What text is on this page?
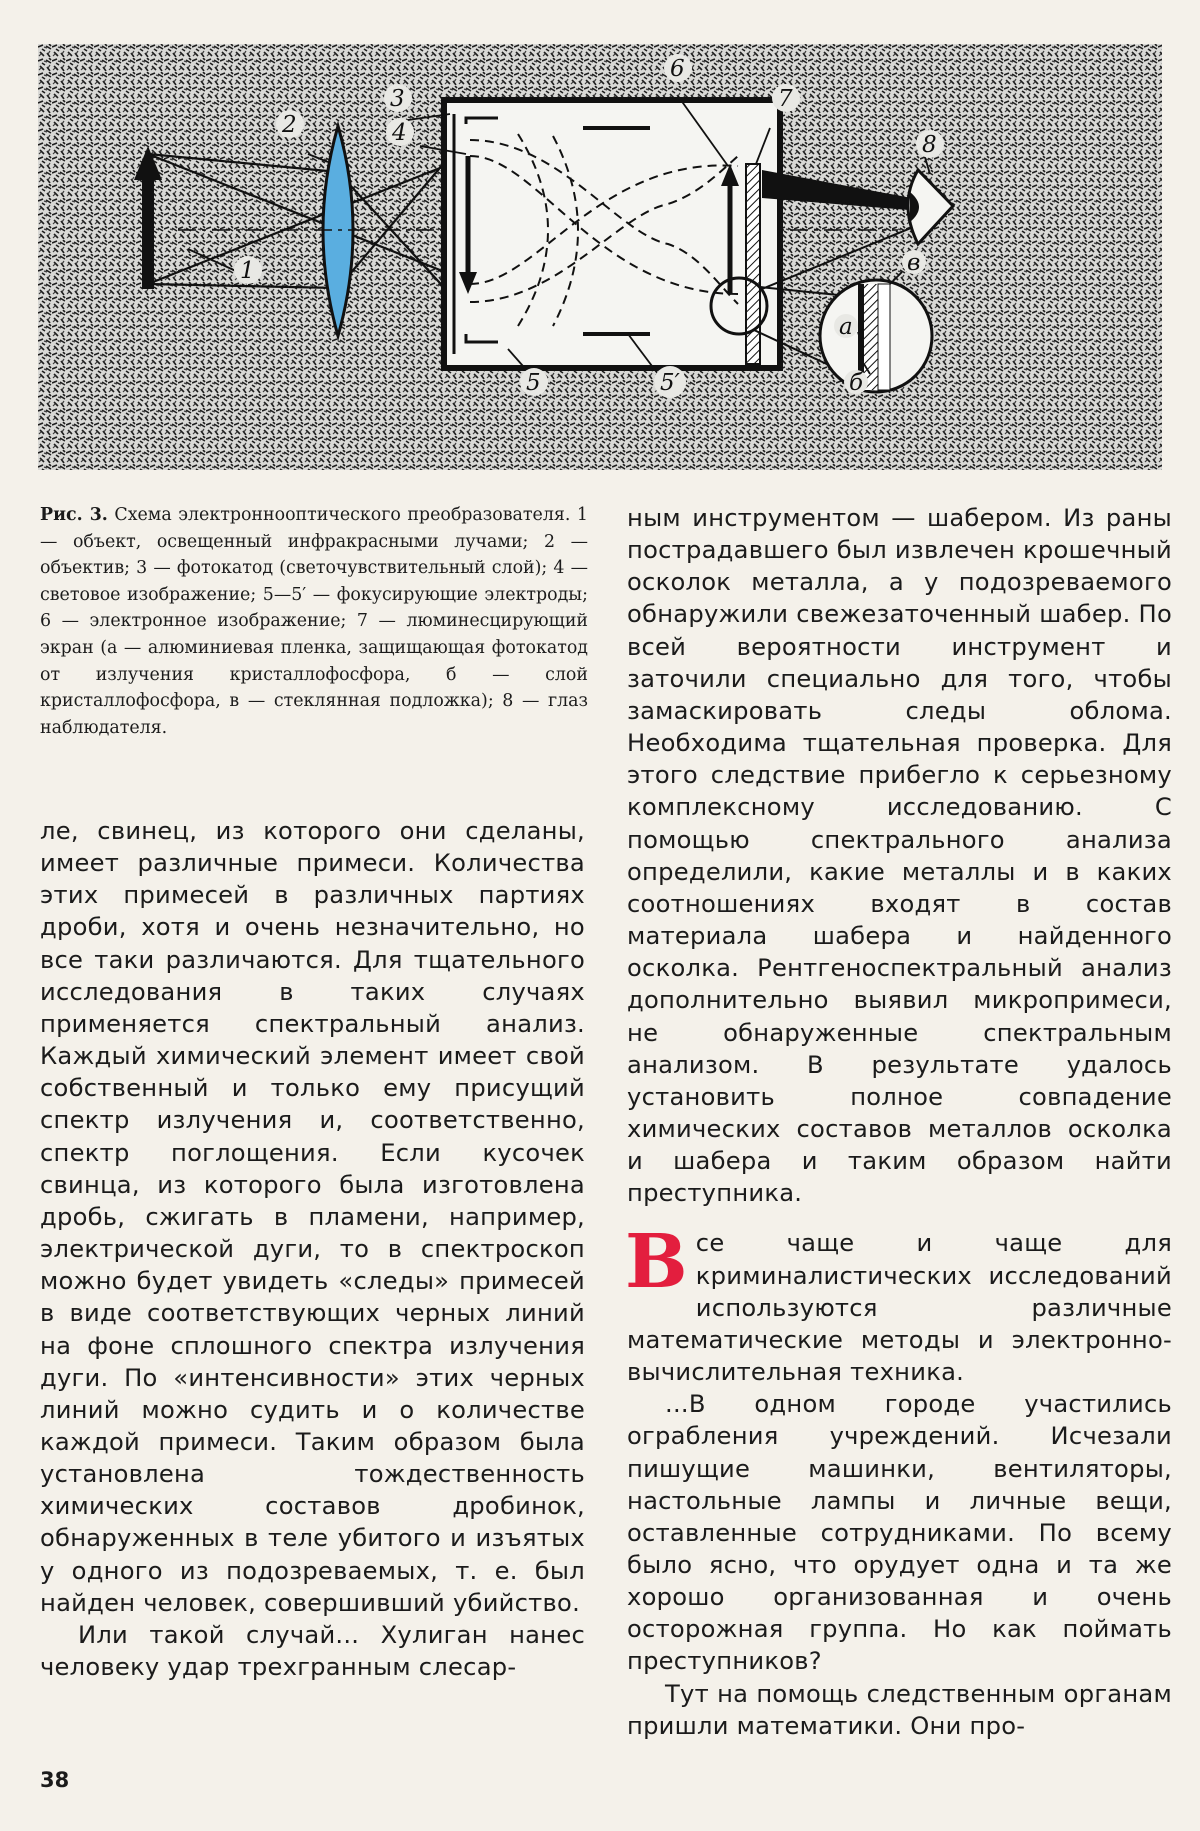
1
2
3
4
5	5′
6
7
8
а
б
в

Рис. 3. Схема электроннооптического преобразователя. 1 — объект, освещенный инфракрасными лучами; 2 — объектив; 3 — фотокатод (светочувствительный слой); 4 — световое изображение; 5—5′ — фокусирующие электроды; 6 — электронное изображение; 7 — люминесцирующий экран (а — алюминиевая пленка, защищающая фотокатод от излучения кристаллофосфора, б — слой кристаллофосфора, в — стеклянная подложка); 8 — глаз наблюдателя.

ле, свинец, из которого они сделаны, имеет различные примеси. Количества этих примесей в различных партиях дроби, хотя и очень незначительно, но все таки различаются. Для тщательного исследования в таких случаях применяется спектральный анализ. Каждый химический элемент имеет свой собственный и только ему присущий спектр излучения и, соответственно, спектр поглощения. Если кусочек свинца, из которого была изготовлена дробь, сжигать в пламени, например, электрической дуги, то в спектроскоп можно будет увидеть «следы» примесей в виде соответствующих черных линий на фоне сплошного спектра излучения дуги. По «интенсивности» этих черных линий можно судить и о количестве каждой примеси. Таким образом была установлена тождественность химических составов дробинок, обнаруженных в теле убитого и изъятых у одного из подозреваемых, т. е. был найден человек, совершивший убийство.

Или такой случай... Хулиган нанес человеку удар трехгранным слесар-

ным инструментом — шабером. Из раны пострадавшего был извлечен крошечный осколок металла, а у подозреваемого обнаружили свежезаточенный шабер. По всей вероятности инструмент и заточили специально для того, чтобы замаскировать следы облома. Необходима тщательная проверка. Для этого следствие прибегло к серьезному комплексному исследованию. С помощью спектрального анализа определили, какие металлы и в каких соотношениях входят в состав материала шабера и найденного осколка. Рентгеноспектральный анализ дополнительно выявил микропримеси, не обнаруженные спектральным анализом. В результате удалось установить полное совпадение химических составов металлов осколка и шабера и таким образом найти преступника.

Все чаще и чаще для криминалистических исследований используются различные математические методы и электронно-вычислительная техника.

...В одном городе участились ограбления учреждений. Исчезали пишущие машинки, вентиляторы, настольные лампы и личные вещи, оставленные сотрудниками. По всему было ясно, что орудует одна и та же хорошо организованная и очень осторожная группа. Но как поймать преступников?

Тут на помощь следственным органам пришли математики. Они про-

38
